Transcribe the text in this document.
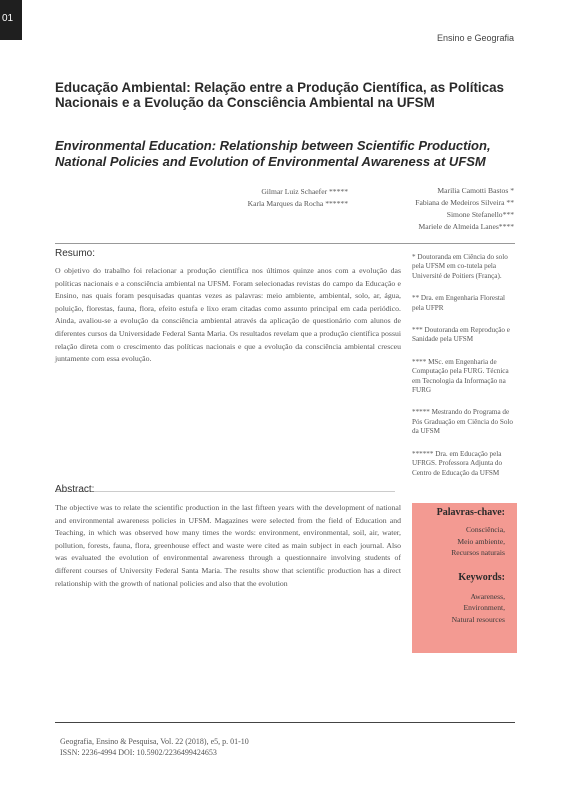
01
Ensino e Geografia
Educação Ambiental: Relação entre a Produção Científica, as Políticas Nacionais e a Evolução da Consciência Ambiental na UFSM
Environmental Education: Relationship between Scientific Production, National Policies and Evolution of Environmental Awareness at UFSM
Gilmar Luiz Schaefer *****
Karla Marques da Rocha ******
Marilia Camotti Bastos *
Fabiana de Medeiros Silveira **
Simone Stefanello***
Mariele de Almeida Lanes****
Resumo:

O objetivo do trabalho foi relacionar a produção científica nos últimos quinze anos com a evolução das políticas nacionais e a consciência ambiental na UFSM. Foram selecionadas revistas do campo da Educação e Ensino, nas quais foram pesquisadas quantas vezes as palavras: meio ambiente, ambiental, solo, ar, água, poluição, florestas, fauna, flora, efeito estufa e lixo eram citadas como assunto principal em cada periódico. Ainda, avaliou-se a evolução da consciência ambiental através da aplicação de questionário com alunos de diferentes cursos da Universidade Federal Santa Maria. Os resultados revelam que a produção científica possui relação direta com o crescimento das políticas nacionais e que a evolução da consciência ambiental cresceu juntamente com essa evolução.

* Doutoranda em Ciência do solo pela UFSM em co-tutela pela Université de Poitiers (França).
** Dra. em Engenharia Florestal pela UFPR
*** Doutoranda em Reprodução e Sanidade pela UFSM
**** MSc. em Engenharia de Computação pela FURG. Técnica em Tecnologia da Informação na FURG
***** Mestrando do Programa de Pós Graduação em Ciência do Solo da UFSM
****** Dra. em Educação pela UFRGS. Professora Adjunta do Centro de Educação da UFSM
Abstract:

The objective was to relate the scientific production in the last fifteen years with the development of national and environmental awareness policies in UFSM. Magazines were selected from the field of Education and Teaching, in which was observed how many times the words: environment, environmental, soil, air, water, pollution, forests, fauna, flora, greenhouse effect and waste were cited as main subject in each journal. Also was evaluated the evolution of environmental awareness through a questionnaire involving students of different courses of University Federal Santa Maria. The results show that scientific production has a direct relationship with the growth of national policies and also that the evolution

Palavras-chave:
Consciência,
Meio ambiente,
Recursos naturais
Keywords:
Awareness,
Environment,
Natural resources
Geografia, Ensino & Pesquisa, Vol. 22 (2018), e5, p. 01-10
ISSN: 2236-4994 DOI: 10.5902/2236499424653
